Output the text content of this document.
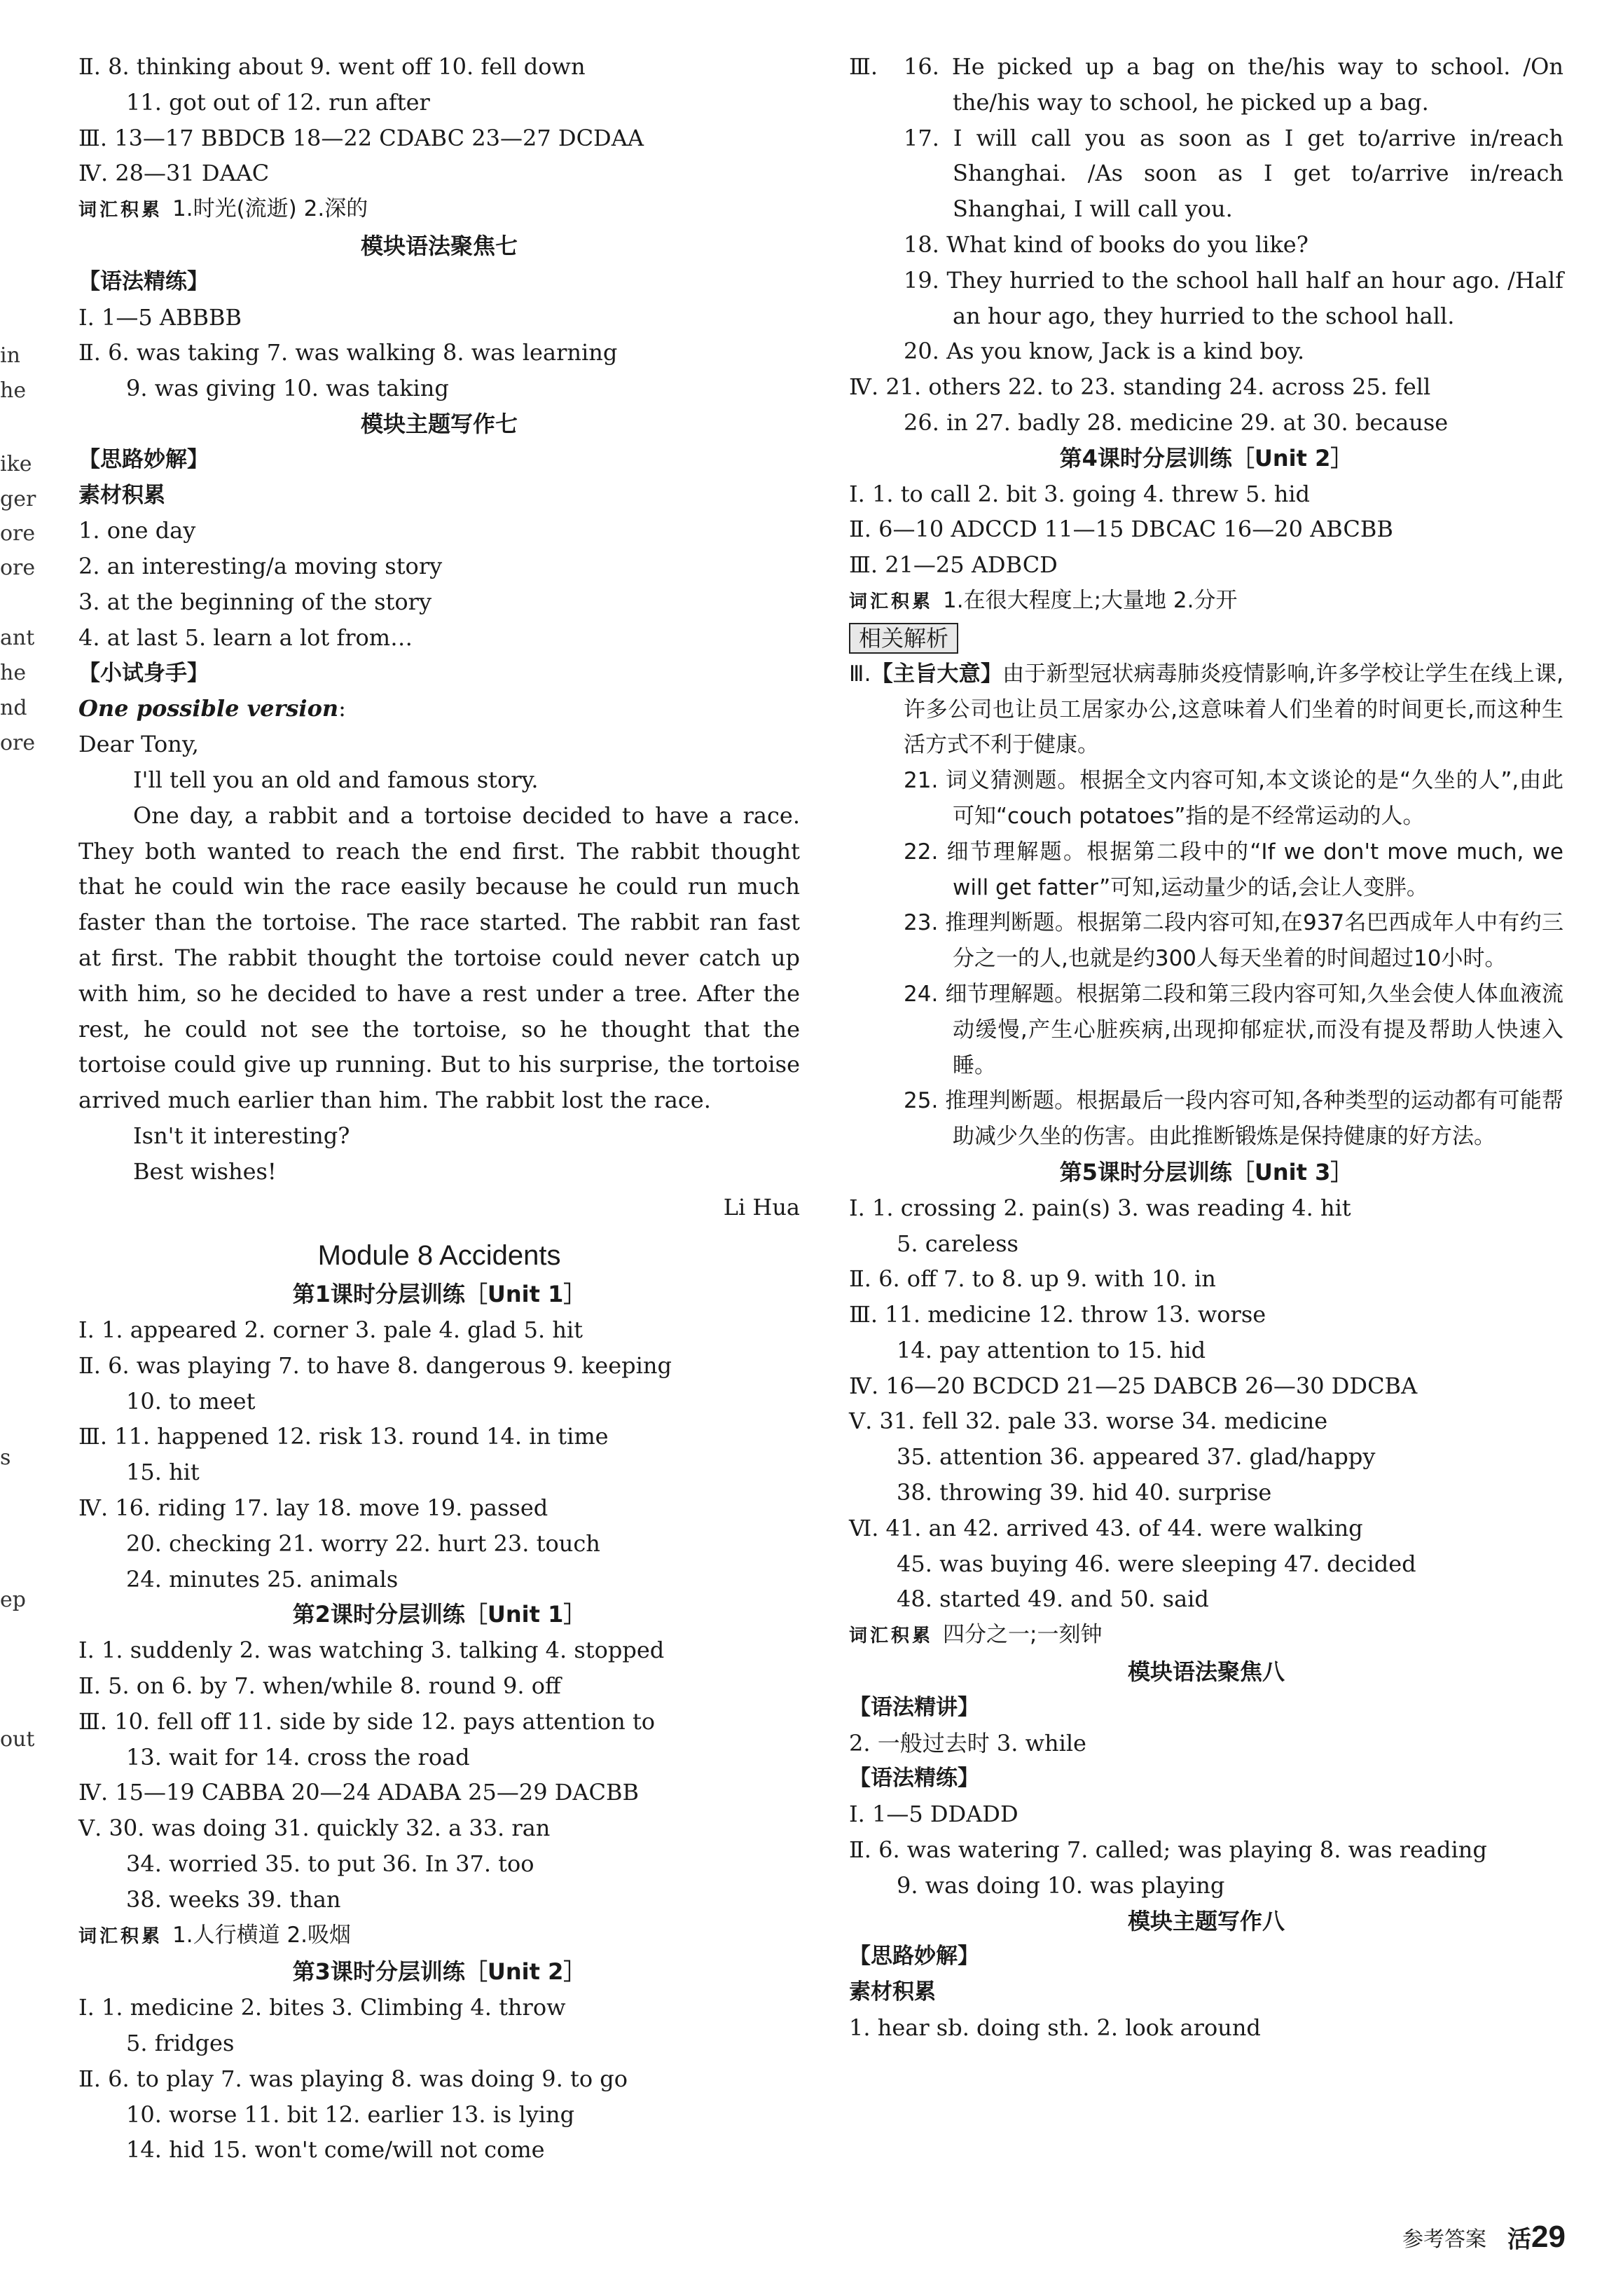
in
he
ike
ger
ore
ore
ant
he
nd
ore
s
ep
out
Ⅱ. 8. thinking about 9. went off 10. fell down
11. got out of 12. run after
Ⅲ. 13—17 BBDCB 18—22 CDABC 23—27 DCDAA
Ⅳ. 28—31 DAAC
词汇积累 1.时光(流逝) 2.深的
模块语法聚焦七
【语法精练】
Ⅰ. 1—5 ABBBB
Ⅱ. 6. was taking 7. was walking 8. was learning
9. was giving 10. was taking
模块主题写作七
【思路妙解】
素材积累
1. one day
2. an interesting/a moving story
3. at the beginning of the story
4. at last 5. learn a lot from…
【小试身手】
One possible version:
Dear Tony,
I'll tell you an old and famous story.
One day, a rabbit and a tortoise decided to have a race. They both wanted to reach the end first. The rabbit thought that he could win the race easily because he could run much faster than the tortoise. The race started. The rabbit ran fast at first. The rabbit thought the tortoise could never catch up with him, so he decided to have a rest under a tree. After the rest, he could not see the tortoise, so he thought that the tortoise could give up running. But to his surprise, the tortoise arrived much earlier than him. The rabbit lost the race.
Isn't it interesting?
Best wishes!
Li Hua
Module 8 Accidents
第1课时分层训练［Unit 1］
Ⅰ. 1. appeared 2. corner 3. pale 4. glad 5. hit
Ⅱ. 6. was playing 7. to have 8. dangerous 9. keeping
10. to meet
Ⅲ. 11. happened 12. risk 13. round 14. in time
15. hit
Ⅳ. 16. riding 17. lay 18. move 19. passed
20. checking 21. worry 22. hurt 23. touch
24. minutes 25. animals
第2课时分层训练［Unit 1］
Ⅰ. 1. suddenly 2. was watching 3. talking 4. stopped
Ⅱ. 5. on 6. by 7. when/while 8. round 9. off
Ⅲ. 10. fell off 11. side by side 12. pays attention to
13. wait for 14. cross the road
Ⅳ. 15—19 CABBA 20—24 ADABA 25—29 DACBB
Ⅴ. 30. was doing 31. quickly 32. a 33. ran
34. worried 35. to put 36. In 37. too
38. weeks 39. than
词汇积累 1.人行横道 2.吸烟
第3课时分层训练［Unit 2］
Ⅰ. 1. medicine 2. bites 3. Climbing 4. throw
5. fridges
Ⅱ. 6. to play 7. was playing 8. was doing 9. to go
10. worse 11. bit 12. earlier 13. is lying
14. hid 15. won't come/will not come
Ⅲ. 16. He picked up a bag on the/his way to school. /On the/his way to school, he picked up a bag.
17. I will call you as soon as I get to/arrive in/reach Shanghai. /As soon as I get to/arrive in/reach Shanghai, I will call you.
18. What kind of books do you like?
19. They hurried to the school hall half an hour ago. /Half an hour ago, they hurried to the school hall.
20. As you know, Jack is a kind boy.
Ⅳ. 21. others 22. to 23. standing 24. across 25. fell
26. in 27. badly 28. medicine 29. at 30. because
第4课时分层训练［Unit 2］
Ⅰ. 1. to call 2. bit 3. going 4. threw 5. hid
Ⅱ. 6—10 ADCCD 11—15 DBCAC 16—20 ABCBB
Ⅲ. 21—25 ADBCD
词汇积累 1.在很大程度上;大量地 2.分开
相关解析
Ⅲ.【主旨大意】由于新型冠状病毒肺炎疫情影响,许多学校让学生在线上课,许多公司也让员工居家办公,这意味着人们坐着的时间更长,而这种生活方式不利于健康。
21. 词义猜测题。根据全文内容可知,本文谈论的是“久坐的人”,由此可知“couch potatoes”指的是不经常运动的人。
22. 细节理解题。根据第二段中的“If we don't move much, we will get fatter”可知,运动量少的话,会让人变胖。
23. 推理判断题。根据第二段内容可知,在937名巴西成年人中有约三分之一的人,也就是约300人每天坐着的时间超过10小时。
24. 细节理解题。根据第二段和第三段内容可知,久坐会使人体血液流动缓慢,产生心脏疾病,出现抑郁症状,而没有提及帮助人快速入睡。
25. 推理判断题。根据最后一段内容可知,各种类型的运动都有可能帮助减少久坐的伤害。由此推断锻炼是保持健康的好方法。
第5课时分层训练［Unit 3］
Ⅰ. 1. crossing 2. pain(s) 3. was reading 4. hit
5. careless
Ⅱ. 6. off 7. to 8. up 9. with 10. in
Ⅲ. 11. medicine 12. throw 13. worse
14. pay attention to 15. hid
Ⅳ. 16—20 BCDCD 21—25 DABCB 26—30 DDCBA
Ⅴ. 31. fell 32. pale 33. worse 34. medicine
35. attention 36. appeared 37. glad/happy
38. throwing 39. hid 40. surprise
Ⅵ. 41. an 42. arrived 43. of 44. were walking
45. was buying 46. were sleeping 47. decided
48. started 49. and 50. said
词汇积累 四分之一;一刻钟
模块语法聚焦八
【语法精讲】
2. 一般过去时 3. while
【语法精练】
Ⅰ. 1—5 DDADD
Ⅱ. 6. was watering 7. called; was playing 8. was reading
9. was doing 10. was playing
模块主题写作八
【思路妙解】
素材积累
1. hear sb. doing sth. 2. look around
参考答案 活29
